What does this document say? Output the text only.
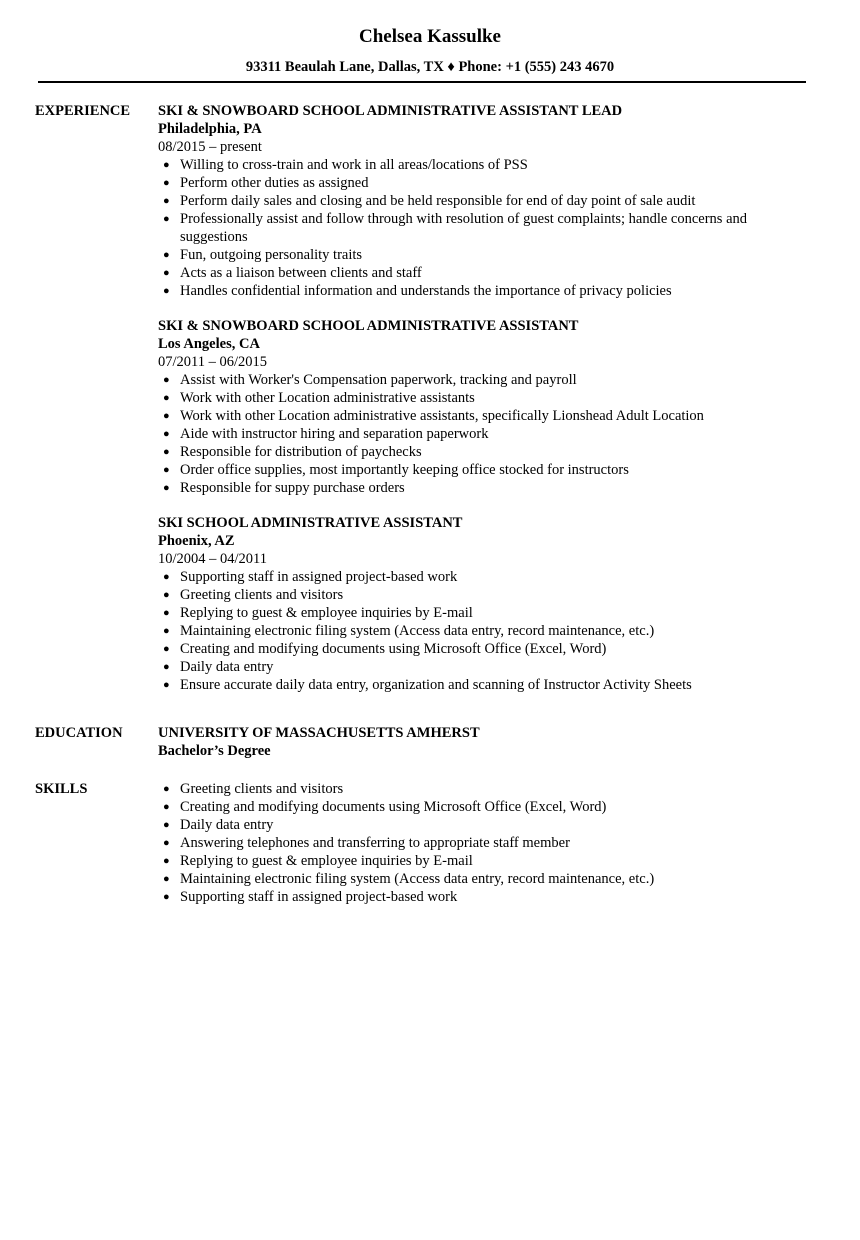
Chelsea Kassulke
93311 Beaulah Lane, Dallas, TX ♦ Phone: +1 (555) 243 4670
EXPERIENCE	SKI & SNOWBOARD SCHOOL ADMINISTRATIVE ASSISTANT LEAD
Philadelphia, PA
08/2015 – present
● Willing to cross-train and work in all areas/locations of PSS
● Perform other duties as assigned
● Perform daily sales and closing and be held responsible for end of day point of sale audit
● Professionally assist and follow through with resolution of guest complaints; handle concerns and suggestions
● Fun, outgoing personality traits
● Acts as a liaison between clients and staff
● Handles confidential information and understands the importance of privacy policies
SKI & SNOWBOARD SCHOOL ADMINISTRATIVE ASSISTANT
Los Angeles, CA
07/2011 – 06/2015
● Assist with Worker's Compensation paperwork, tracking and payroll
● Work with other Location administrative assistants
● Work with other Location administrative assistants, specifically Lionshead Adult Location
● Aide with instructor hiring and separation paperwork
● Responsible for distribution of paychecks
● Order office supplies, most importantly keeping office stocked for instructors
● Responsible for suppy purchase orders
SKI SCHOOL ADMINISTRATIVE ASSISTANT
Phoenix, AZ
10/2004 – 04/2011
● Supporting staff in assigned project-based work
● Greeting clients and visitors
● Replying to guest & employee inquiries by E-mail
● Maintaining electronic filing system (Access data entry, record maintenance, etc.)
● Creating and modifying documents using Microsoft Office (Excel, Word)
● Daily data entry
● Ensure accurate daily data entry, organization and scanning of Instructor Activity Sheets
EDUCATION	UNIVERSITY OF MASSACHUSETTS AMHERST
Bachelor’s Degree
SKILLS	● Greeting clients and visitors
● Creating and modifying documents using Microsoft Office (Excel, Word)
● Daily data entry
● Answering telephones and transferring to appropriate staff member
● Replying to guest & employee inquiries by E-mail
● Maintaining electronic filing system (Access data entry, record maintenance, etc.)
● Supporting staff in assigned project-based work
